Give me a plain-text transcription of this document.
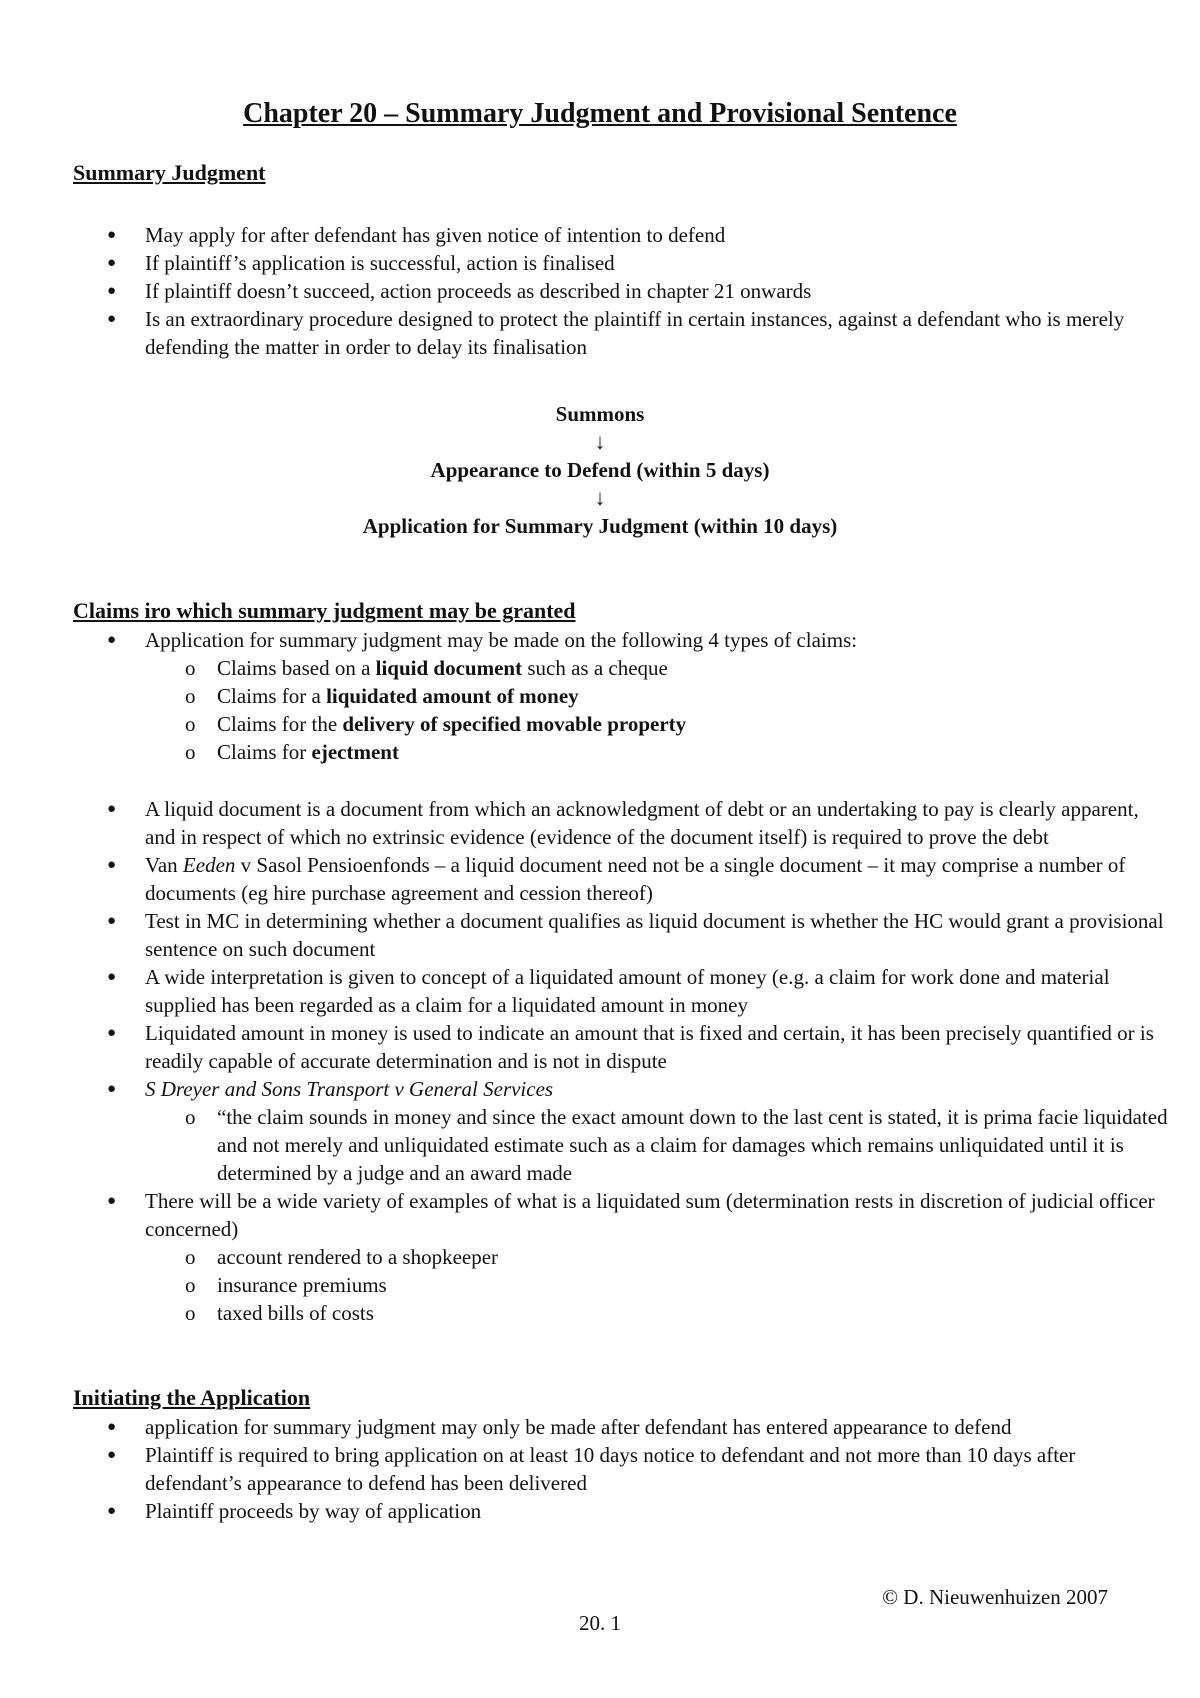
Chapter 20 – Summary Judgment and Provisional Sentence
Summary Judgment
● May apply for after defendant has given notice of intention to defend
● If plaintiff’s application is successful, action is finalised
● If plaintiff doesn’t succeed, action proceeds as described in chapter 21 onwards
● Is an extraordinary procedure designed to protect the plaintiff in certain instances, against a defendant who is merely defending the matter in order to delay its finalisation
Summons
↓
Appearance to Defend (within 5 days)
↓
Application for Summary Judgment (within 10 days)
Claims iro which summary judgment may be granted
● Application for summary judgment may be made on the following 4 types of claims:
o Claims based on a liquid document such as a cheque
o Claims for a liquidated amount of money
o Claims for the delivery of specified movable property
o Claims for ejectment
● A liquid document is a document from which an acknowledgment of debt or an undertaking to pay is clearly apparent, and in respect of which no extrinsic evidence (evidence of the document itself) is required to prove the debt
● Van Eeden v Sasol Pensioenfonds – a liquid document need not be a single document – it may comprise a number of documents (eg hire purchase agreement and cession thereof)
● Test in MC in determining whether a document qualifies as liquid document is whether the HC would grant a provisional sentence on such document
● A wide interpretation is given to concept of a liquidated amount of money (e.g. a claim for work done and material supplied has been regarded as a claim for a liquidated amount in money
● Liquidated amount in money is used to indicate an amount that is fixed and certain, it has been precisely quantified or is readily capable of accurate determination and is not in dispute
● S Dreyer and Sons Transport v General Services
o “the claim sounds in money and since the exact amount down to the last cent is stated, it is prima facie liquidated and not merely and unliquidated estimate such as a claim for damages which remains unliquidated until it is determined by a judge and an award made
● There will be a wide variety of examples of what is a liquidated sum (determination rests in discretion of judicial officer concerned)
o account rendered to a shopkeeper
o insurance premiums
o taxed bills of costs
Initiating the Application
● application for summary judgment may only be made after defendant has entered appearance to defend
● Plaintiff is required to bring application on at least 10 days notice to defendant and not more than 10 days after defendant’s appearance to defend has been delivered
● Plaintiff proceeds by way of application
© D. Nieuwenhuizen 2007
20. 1
